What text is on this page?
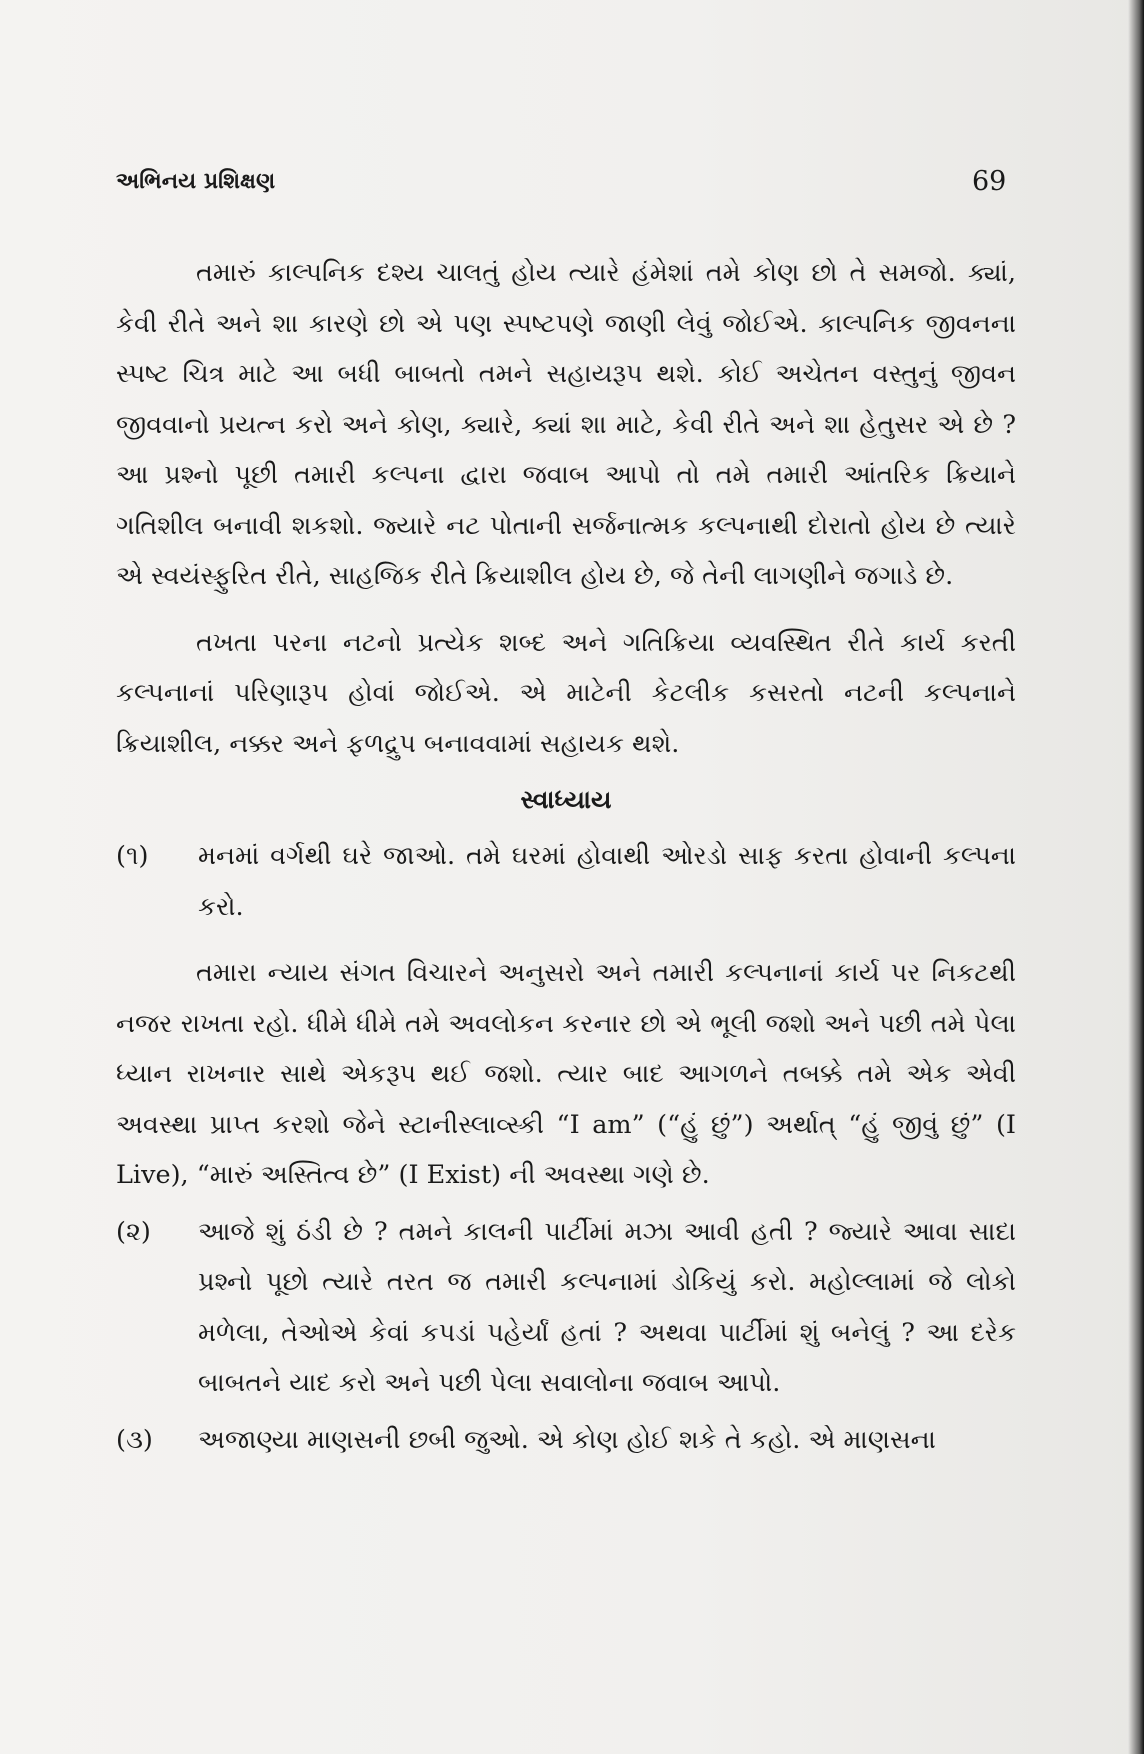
અભિનય પ્રશિક્ષણ	69

તમારું કાલ્પનિક દશ્ય ચાલતું હોય ત્યારે હંમેશાં તમે કોણ છો તે સમજો. ક્યાં, કેવી રીતે અને શા કારણે છો એ પણ સ્પષ્ટપણે જાણી લેવું જોઈએ. કાલ્પનિક જીવનના સ્પષ્ટ ચિત્ર માટે આ બધી બાબતો તમને સહાયરૂપ થશે. કોઈ અચેતન વસ્તુનું જીવન જીવવાનો પ્રયત્ન કરો અને કોણ, ક્યારે, ક્યાં શા માટે, કેવી રીતે અને શા હેતુસર એ છે ? આ પ્રશ્નો પૂછી તમારી કલ્પના દ્વારા જવાબ આપો તો તમે તમારી આંતરિક ક્રિયાને ગતિશીલ બનાવી શકશો. જ્યારે નટ પોતાની સર્જનાત્મક કલ્પનાથી દોરાતો હોય છે ત્યારે એ સ્વયંસ્ફુરિત રીતે, સાહજિક રીતે ક્રિયાશીલ હોય છે, જે તેની લાગણીને જગાડે છે.

તખતા પરના નટનો પ્રત્યેક શબ્દ અને ગતિક્રિયા વ્યવસ્થિત રીતે કાર્ય કરતી કલ્પનાનાં પરિણારૂપ હોવાં જોઈએ. એ માટેની કેટલીક કસરતો નટની કલ્પનાને ક્રિયાશીલ, નક્કર અને ફળદ્રુપ બનાવવામાં સહાયક થશે.

સ્વાધ્યાય
(૧)	મનમાં વર્ગથી ઘરે જાઓ. તમે ઘરમાં હોવાથી ઓરડો સાફ કરતા હોવાની કલ્પના કરો.

તમારા ન્યાય સંગત વિચારને અનુસરો અને તમારી કલ્પનાનાં કાર્ય પર નિકટથી નજર રાખતા રહો. ધીમે ધીમે તમે અવલોકન કરનાર છો એ ભૂલી જશો અને પછી તમે પેલા ધ્યાન રાખનાર સાથે એકરૂપ થઈ જશો. ત્યાર બાદ આગળને તબક્કે તમે એક એવી અવસ્થા પ્રાપ્ત કરશો જેને સ્ટાનીસ્લાવ્સ્કી “I am” (“હું છું”) અર્થાત્ “હું જીવું છું” (I Live), “મારું અસ્તિત્વ છે” (I Exist) ની અવસ્થા ગણે છે.

(૨)	આજે શું ઠંડી છે ? તમને કાલની પાર્ટીમાં મઝા આવી હતી ? જ્યારે આવા સાદા પ્રશ્નો પૂછો ત્યારે તરત જ તમારી કલ્પનામાં ડોકિયું કરો. મહોલ્લામાં જે લોકો મળેલા, તેઓએ કેવાં કપડાં પહેર્યાં હતાં ? અથવા પાર્ટીમાં શું બનેલું ? આ દરેક બાબતને યાદ કરો અને પછી પેલા સવાલોના જવાબ આપો.
(૩)	અજાણ્યા માણસની છબી જુઓ. એ કોણ હોઈ શકે તે કહો. એ માણસના
